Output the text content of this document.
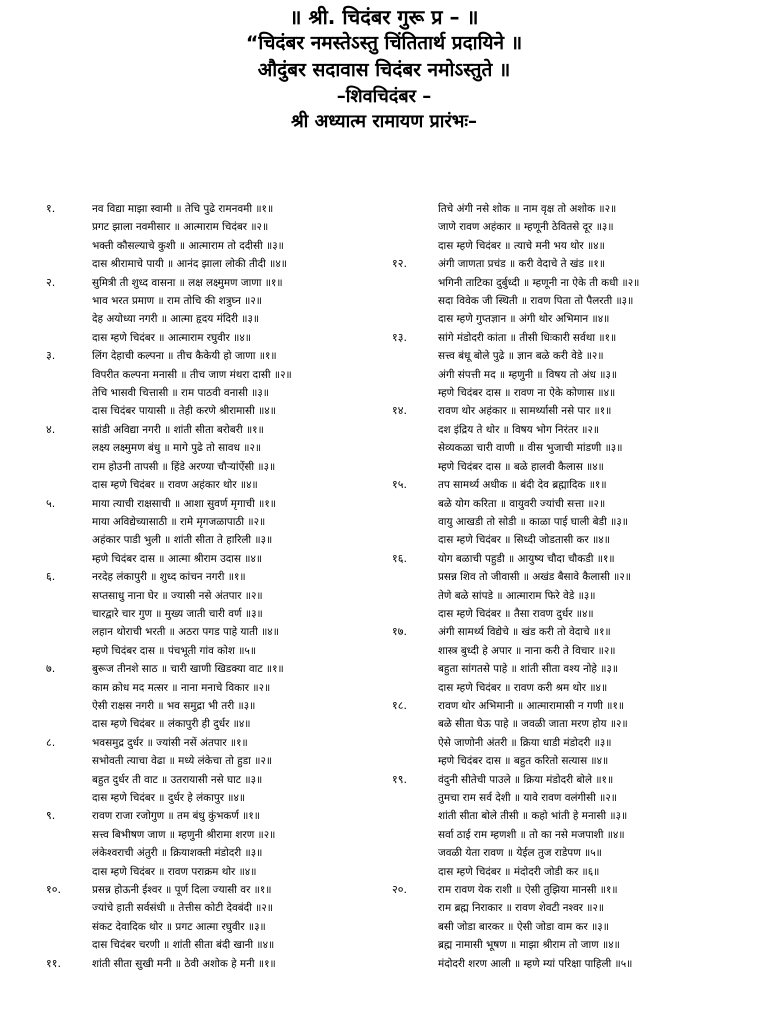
॥ श्री. चिदंबर गुरू प्र – ॥
“चिदंबर नमस्तेऽस्तु चिंतितार्थ प्रदायिने ॥
औदुंबर सदावास चिदंबर नमोऽस्तुते ॥
–शिवचिदंबर –
श्री अध्यात्म रामायण प्रारंभः–
१.	नव विद्या माझा स्वामी ॥ तेचि पुढे रामनवमी ॥१॥
प्रगट झाला नवमीसार ॥ आत्माराम चिदंबर ॥२॥
भक्ती कौसल्याचे कुशी ॥ आत्माराम तो ददीसी ॥३॥
दास श्रीरामाचे पायी ॥ आनंद झाला लोकी तीदी ॥४॥
२.	सुमित्री ती शुध्द वासना ॥ लक्ष लक्ष्मुमण जाणा ॥१॥
भाव भरत प्रमाण ॥ राम तोचि की शत्रुघ्न ॥२॥
देह अयोध्या नगरी ॥ आत्मा हृदय मंदिरी ॥३॥
दास म्हणे चिदंबर ॥ आत्माराम रघुवीर ॥४॥
३.	लिंग देहाची कल्पना ॥ तीच कैकेयी हो जाणा ॥१॥
विपरीत कल्पना मनासी ॥ तीच जाण मंथरा दासी ॥२॥
तेचि भासवी चित्तासी ॥ राम पाठवी वनासी ॥३॥
दास चिदंबर पायासी ॥ तेही करणे श्रीरामासी ॥४॥
४.	सांडी अविद्या नगरी ॥ शांती सीता बरोबरी ॥१॥
लक्ष्य लक्ष्मुमण बंधु ॥ मागे पुढे तो सावध ॥२॥
राम होउनी तापसी ॥ हिंडे अरण्या चौऱ्यांऐंसी ॥३॥
दास म्हणे चिदंबर ॥ रावण अहंकार थोर ॥४॥
५.	माया त्याची राक्षसाची ॥ आशा सुवर्ण मृगाची ॥१॥
माया अविद्येच्यासाठी ॥ रामे मृगजळापाठी ॥२॥
अहंकार पाडी भुली ॥ शांती सीता ते हारिली ॥३॥
म्हणे चिदंबर दास ॥ आत्मा श्रीराम उदास ॥४॥
६.	नरदेह लंकापुरी ॥ शुध्द कांचन नगरी ॥१॥
सप्तसाधु नाना घेर ॥ ज्यासी नसे अंतपार ॥२॥
चारद्वारे चार गुण ॥ मुख्य जाती चारी वर्ण ॥३॥
लहान थोराची भरती ॥ अठरा पगड पाहे याती ॥४॥
म्हणे चिदंबर दास ॥ पंचभूती गांव कोश ॥५॥
७.	बुरूज तीनशे साठ ॥ चारी खाणी खिडक्या वाट ॥१॥
काम क्रोध मद मत्सर ॥ नाना मनाचे विकार ॥२॥
ऐसी राक्षस नगरी ॥ भव समुद्रा भी तरी ॥३॥
दास म्हणे चिदंबर ॥ लंकापुरी ही दुर्धर ॥४॥
८.	भवसमुद्र दुर्धर ॥ ज्यांसी नसें अंतपार ॥१॥
सभोवती त्याचा वेढा ॥ मध्ये लंकेचा तो हुडा ॥२॥
बहुत दुर्धर ती वाट ॥ उतरायासी नसे घाट ॥३॥
दास म्हणे चिदंबर ॥ दुर्धर हे लंकापुर ॥४॥
९.	रावण राजा रजोगुण ॥ तम बंधु कुंभकर्ण ॥१॥
सत्त्व बिभीषण जाण ॥ म्हणुनी श्रीरामा शरण ॥२॥
लंकेश्वराची अंतुरी ॥ क्रियाशक्ती मंडोदरी ॥३॥
दास म्हणे चिदंबर ॥ रावण पराक्रम थोर ॥४॥
१०.	प्रसन्न होऊनी ईश्वर ॥ पूर्ण दिला ज्यासी वर ॥१॥
ज्यांचे हाती सर्वसंधी ॥ तेत्तीस कोटी देवबंदी ॥२॥
संकट देवादिक थोर ॥ प्रगट आत्मा रघुवीर ॥३॥
दास चिदंबर चरणी ॥ शांती सीता बंदी खानी ॥४॥
११.	शांती सीता सुखी मनी ॥ ठेवी अशोक हे मनी ॥१॥
तिचे अंगी नसे शोक ॥ नाम वृक्ष तो अशोक ॥२॥
जाणे रावण अहंकार ॥ म्हणूनी ठेवितसे दूर ॥३॥
दास म्हणे चिदंबर ॥ त्याचे मनी भय थोर ॥४॥
१२.	अंगी जाणता प्रचंड ॥ करी वेदाचे ते खंड ॥१॥
भगिनी ताटिका दुर्बुध्दी ॥ म्हणूनी ना ऐके ती कधी ॥२॥
सदा विवेक जी स्थिती ॥ रावण पिता तो पैलरती ॥३॥
दास म्हणे गुप्तज्ञान ॥ अंगी थोर अभिमान ॥४॥
१३.	सांगे मंडोदरी कांता ॥ तीसी धिःकारी सर्वथा ॥१॥
सत्त्व बंधू बोले पुढे ॥ ज्ञान बळे करी वेडे ॥२॥
अंगी संपत्ती मद ॥ म्हणुनी ॥ विषय तो अंध ॥३॥
म्हणे चिदंबर दास ॥ रावण ना ऐके कोणास ॥४॥
१४.	रावण थोर अहंकार ॥ सामर्थ्यासी नसे पार ॥१॥
दश इंद्रिय ते थोर ॥ विषय भोग निरंतर ॥२॥
सेव्यकळा चारी वाणी ॥ वीस भुजाची मांडणी ॥३॥
म्हणे चिदंबर दास ॥ बळे हालवी कैलास ॥४॥
१५.	तप सामर्थ्य अधीक ॥ बंदी देव ब्रह्मादिक ॥१॥
बळे योग करिता ॥ वायुवरी ज्यांची सत्ता ॥२॥
वायु आखडी तो सोडी ॥ काळा पाई घाली बेडी ॥३॥
दास म्हणे चिदंबर ॥ सिध्दी जोडतासी कर ॥४॥
१६.	योग बळाची पहुडी ॥ आयुष्य चौदा चौकडी ॥१॥
प्रसन्न शिव तो जीवासी ॥ अखंड बैसावे कैलासी ॥२॥
तेणे बळे सांपडे ॥ आत्माराम फिरे वेडे ॥३॥
दास म्हणे चिदंबर ॥ तैसा रावण दुर्धर ॥४॥
१७.	अंगी सामर्थ्य विद्येचे ॥ खंड करी तो वेदाचे ॥१॥
शास्त्र बुध्दी हे अपार ॥ नाना करी ते विचार ॥२॥
बहुता सांगतसे पाहे ॥ शांती सीता वश्य नोहे ॥३॥
दास म्हणे चिदंबर ॥ रावण करी श्रम थोर ॥४॥
१८.	रावण थोर अभिमानी ॥ आत्मारामासी न गणी ॥१॥
बळे सीता घेऊ पाहे ॥ जवळी जाता मरण होय ॥२॥
ऐसे जाणोनी अंतरी ॥ क्रिया धाडी मंडोदरी ॥३॥
म्हणे चिदंबर दास ॥ बहुत करितो सत्यास ॥४॥
१९.	वंदुनी सीतेची पाउले ॥ क्रिया मंडोदरी बोले ॥१॥
तुमचा राम सर्व देशी ॥ यावे रावण वलंगीसी ॥२॥
शांती सीता बोले तीसी ॥ कहो भांती हे मनासी ॥३॥
सर्वा ठाई राम म्हणशी ॥ तो का नसे मजपाशी ॥४॥
जवळी येता रावण ॥ येईल तुज राडेपण ॥५॥
दास म्हणे चिदंबर ॥ मंदोदरी जोडी कर ॥६॥
२०.	राम रावण येक राशी ॥ ऐसी तुझिया मानसी ॥१॥
राम ब्रह्म निराकार ॥ रावण शेवटी नश्वर ॥२॥
बसी जोडा बारकर ॥ ऐसी जोडा वाम कर ॥३॥
ब्रह्म नामासी भूषण ॥ माझा श्रीराम तो जाण ॥४॥
मंदोदरी शरण आली ॥ म्हणे म्यां परिक्षा पाहिली ॥५॥
